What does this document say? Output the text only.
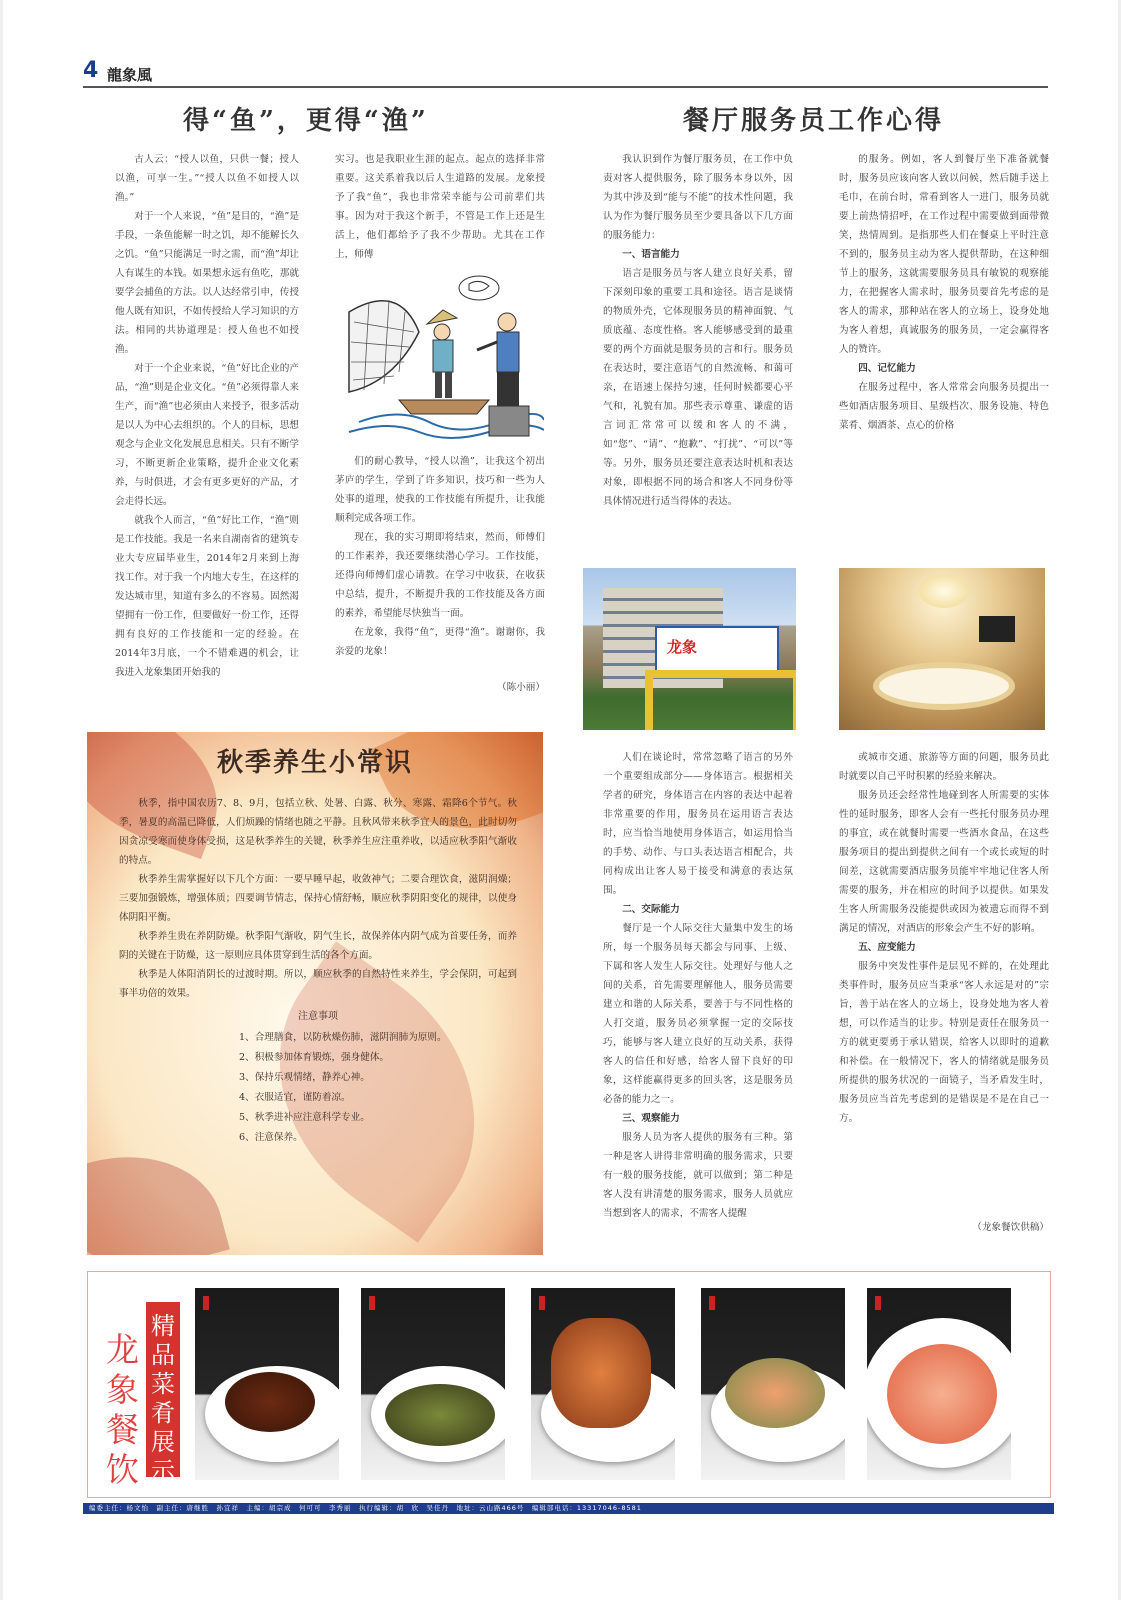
4 龍象風
得“鱼”，更得“渔”

古人云：“授人以鱼，只供一餐；授人以渔，可享一生。”“授人以鱼不如授人以渔。”

对于一个人来说，“鱼”是目的，“渔”是手段，一条鱼能解一时之饥，却不能解长久之饥。“鱼”只能满足一时之需，而“渔”却让人有谋生的本钱。如果想永远有鱼吃，那就要学会捕鱼的方法。以人达经常引申，传授他人既有知识，不如传授给人学习知识的方法。相同的共协道理是：授人鱼也不如授渔。

对于一个企业来说，“鱼”好比企业的产品，“渔”则是企业文化。“鱼”必须得靠人来生产，而“渔”也必须由人来授予，很多活动是以人为中心去组织的。个人的目标，思想观念与企业文化发展息息相关。只有不断学习，不断更新企业策略，提升企业文化素养，与时俱进，才会有更多更好的产品，才会走得长远。

就我个人而言，“鱼”好比工作，“渔”则是工作技能。我是一名来自湖南省的建筑专业大专应届毕业生，2014年2月来到上海找工作。对于我一个内地大专生，在这样的发达城市里，知道有多么的不容易。固然渴望拥有一份工作，但要做好一份工作，还得拥有良好的工作技能和一定的经验。在2014年3月底，一个不错难遇的机会，让我进入龙象集团开始我的

实习。也是我职业生涯的起点。起点的选择非常重要。这关系着我以后人生道路的发展。龙象授予了我“鱼”，我也非常荣幸能与公司前辈们共事。因为对于我这个新手，不管是工作上还是生活上，他们都给予了我不少帮助。尤其在工作上，师傅

们的耐心教导，“授人以渔”，让我这个初出茅庐的学生，学到了许多知识，技巧和一些为人处事的道理，使我的工作技能有所提升，让我能顺利完成各项工作。

现在，我的实习期即将结束，然而，师傅们的工作素养，我还要继续潜心学习。工作技能，还得向师傅们虚心请教。在学习中收获，在收获中总结，提升，不断提升我的工作技能及各方面的素养，希望能尽快独当一面。

在龙象，我得“鱼”，更得“渔”。谢谢你，我亲爱的龙象！

（陈小丽）

餐厅服务员工作心得

我认识到作为餐厅服务员，在工作中负责对客人提供服务，除了服务本身以外，因为其中涉及到“能与不能”的技术性问题，我认为作为餐厅服务员至少要具备以下几方面的服务能力：

一、语言能力

语言是服务员与客人建立良好关系，留下深刻印象的重要工具和途径。语言是谈情的物质外壳，它体现服务员的精神面貌、气质底蕴、态度性格。客人能够感受到的最重要的两个方面就是服务员的言和行。服务员在表达时，要注意语气的自然流畅、和蔼可亲，在语速上保持匀速，任何时候都要心平气和，礼貌有加。那些表示尊重、谦虚的语言词汇常常可以缓和客人的不满，如“您”、“请”、“抱歉”、“打扰”、“可以”等等。另外，服务员还要注意表达时机和表达对象，即根据不同的场合和客人不同身份等具体情况进行适当得体的表达。

的服务。例如，客人到餐厅坐下准备就餐时，服务员应该向客人致以问候，然后随手送上毛巾，在前台时，常看到客人一进门，服务员就要上前热情招呼，在工作过程中需要做到面带微笑，热情周到。是指那些人们在餐桌上平时注意不到的，服务员主动为客人提供帮助，在这种细节上的服务，这就需要服务员具有敏锐的观察能力，在把握客人需求时，服务员要首先考虑的是客人的需求，那种站在客人的立场上，设身处地为客人着想，真诚服务的服务员，一定会赢得客人的赞许。

四、记忆能力

在服务过程中，客人常常会向服务员提出一些如酒店服务项目、星级档次、服务设施、特色菜肴、烟酒茶、点心的价格

龙象

人们在谈论时，常常忽略了语言的另外一个重要组成部分——身体语言。根据相关学者的研究，身体语言在内容的表达中起着非常重要的作用，服务员在运用语言表达时，应当恰当地使用身体语言，如运用恰当的手势、动作、与口头表达语言相配合，共同构成出让客人易于接受和满意的表达氛围。

二、交际能力

餐厅是一个人际交往大量集中发生的场所，每一个服务员每天都会与同事、上级、下属和客人发生人际交往。处理好与他人之间的关系，首先需要理解他人，服务员需要建立和谐的人际关系，要善于与不同性格的人打交道，服务员必须掌握一定的交际技巧，能够与客人建立良好的互动关系，获得客人的信任和好感，给客人留下良好的印象，这样能赢得更多的回头客，这是服务员必备的能力之一。

三、观察能力

服务人员为客人提供的服务有三种。第一种是客人讲得非常明确的服务需求，只要有一般的服务技能，就可以做到；第二种是客人没有讲清楚的服务需求，服务人员就应当想到客人的需求，不需客人提醒

或城市交通、旅游等方面的问题，服务员此时就要以自己平时积累的经验来解决。

服务员还会经常性地碰到客人所需要的实体性的延时服务，即客人会有一些托付服务员办理的事宜，或在就餐时需要一些酒水食品，在这些服务项目的提出到提供之间有一个或长或短的时间差，这就需要酒店服务员能牢牢地记住客人所需要的服务，并在相应的时间予以提供。如果发生客人所需服务没能提供或因为被遗忘而得不到满足的情况，对酒店的形象会产生不好的影响。

五、应变能力

服务中突发性事件是层见不鲜的，在处理此类事件时，服务员应当秉承“客人永远是对的”宗旨，善于站在客人的立场上，设身处地为客人着想，可以作适当的让步。特别是责任在服务员一方的就更要勇于承认错误，给客人以即时的道歉和补偿。在一般情况下，客人的情绪就是服务员所提供的服务状况的一面镜子，当矛盾发生时，服务员应当首先考虑到的是错误是不是在自己一方。

（龙象餐饮供稿）

秋季养生小常识

秋季，指中国农历7、8、9月，包括立秋、处暑、白露、秋分、寒露、霜降6个节气。秋季，暑夏的高温已降低，人们烦躁的情绪也随之平静。且秋风带来秋季宜人的景色，此时切勿因贪凉受寒而使身体受损，这是秋季养生的关键，秋季养生应注重养收，以适应秋季阳气渐收的特点。

秋季养生需掌握好以下几个方面：一要早睡早起，收敛神气；二要合理饮食，滋阴润燥；三要加强锻炼，增强体质；四要调节情志，保持心情舒畅，顺应秋季阴阳变化的规律，以使身体阴阳平衡。

秋季养生贵在养阴防燥。秋季阳气渐收，阴气生长，故保养体内阴气成为首要任务，而养阴的关键在于防燥，这一原则应具体贯穿到生活的各个方面。

秋季是人体阳消阴长的过渡时期。所以，顺应秋季的自然特性来养生，学会保阴，可起到事半功倍的效果。

注意事项
1、合理膳食，以防秋燥伤肺，滋阴润肺为原则。
2、积极参加体育锻炼，强身健体。
3、保持乐观情绪，静养心神。
4、衣服适宜，谨防着凉。
5、秋季进补应注意科学专业。
6、注意保养。
龙象餐饮
精品菜肴展示
编委主任：杨文怡　副主任：唐继胜　孙宜祥　主编：胡宗成　何可可　李秀丽　执行编辑：胡　欣　吴佳丹　地址：云山路466号　编辑部电话：13317046-8581
